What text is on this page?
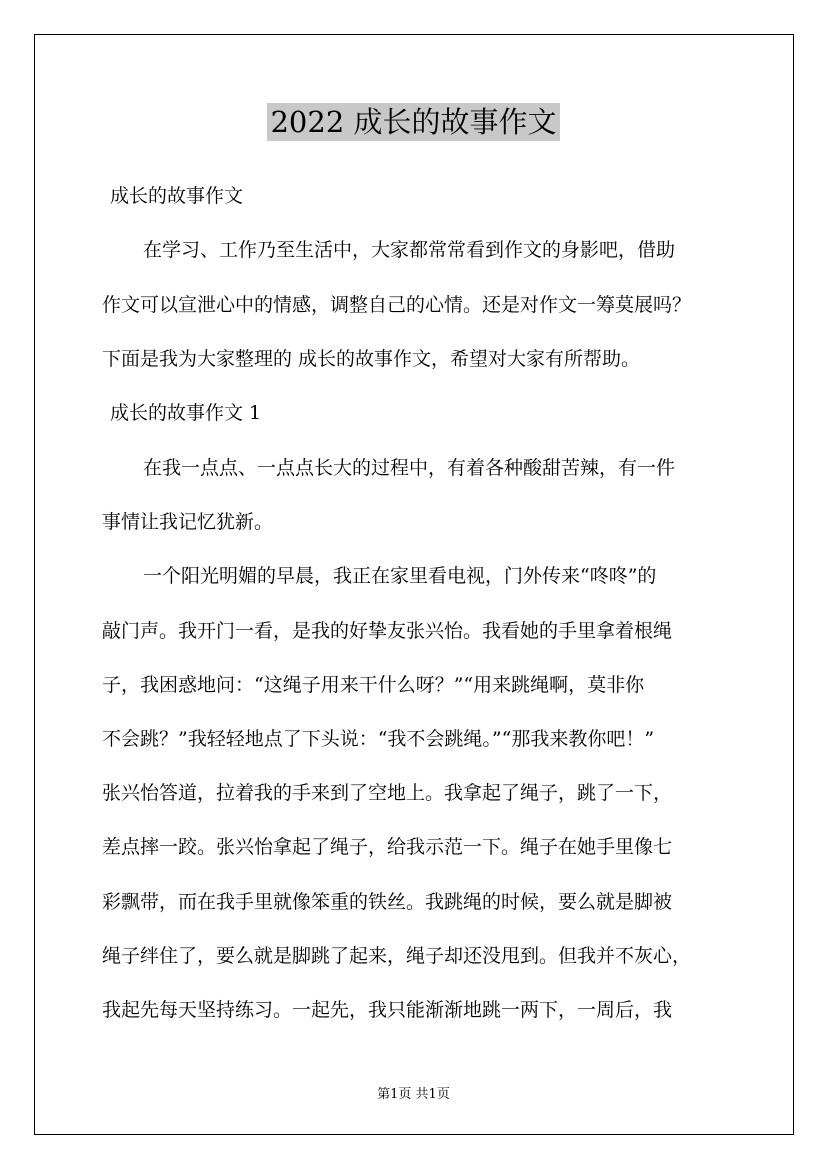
2022 成长的故事作文
成长的故事作文
在学习、工作乃至生活中，大家都常常看到作文的身影吧，借助
作文可以宣泄心中的情感，调整自己的心情。还是对作文一筹莫展吗？
下面是我为大家整理的 成长的故事作文，希望对大家有所帮助。
成长的故事作文 1
在我一点点、一点点长大的过程中，有着各种酸甜苦辣，有一件
事情让我记忆犹新。
一个阳光明媚的早晨，我正在家里看电视，门外传来“咚咚”的
敲门声。我开门一看，是我的好挚友张兴怡。我看她的手里拿着根绳
子，我困惑地问：“这绳子用来干什么呀？”“用来跳绳啊，莫非你
不会跳？”我轻轻地点了下头说：“我不会跳绳。”“那我来教你吧！”
张兴怡答道，拉着我的手来到了空地上。我拿起了绳子，跳了一下，
差点摔一跤。张兴怡拿起了绳子，给我示范一下。绳子在她手里像七
彩飘带，而在我手里就像笨重的铁丝。我跳绳的时候，要么就是脚被
绳子绊住了，要么就是脚跳了起来，绳子却还没甩到。但我并不灰心，
我起先每天坚持练习。一起先，我只能渐渐地跳一两下，一周后，我
第1页 共1页
